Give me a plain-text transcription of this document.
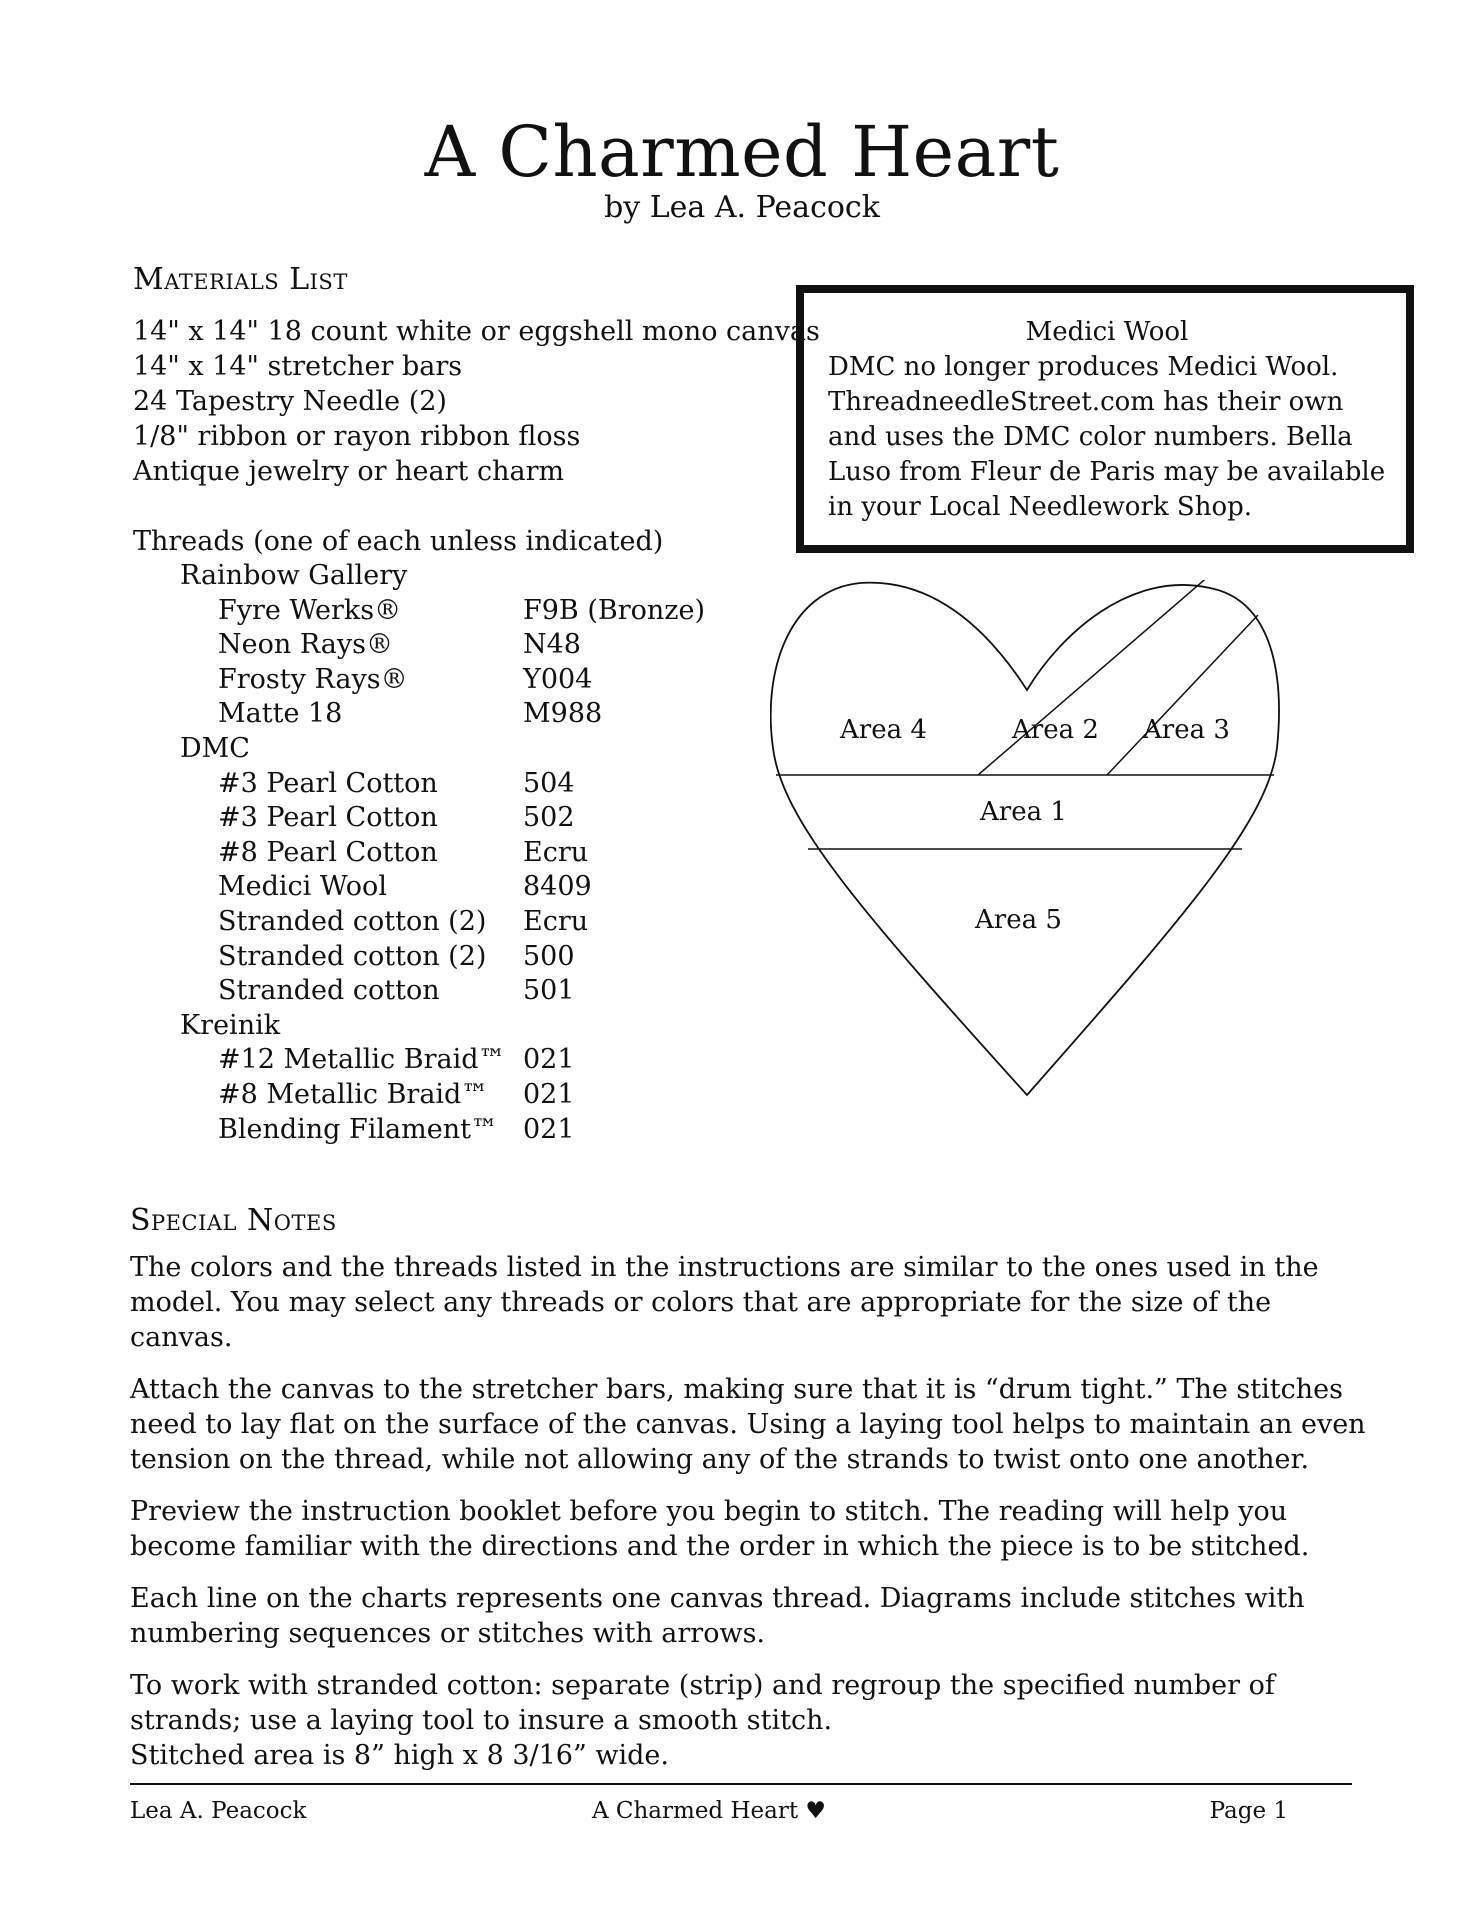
A Charmed Heart
by Lea A. Peacock
Materials List
14" x 14" 18 count white or eggshell mono canvas
14" x 14" stretcher bars
24 Tapestry Needle (2)
1/8" ribbon or rayon ribbon floss
Antique jewelry or heart charm
Medici Wool

DMC no longer produces Medici Wool. ThreadneedleStreet.com has their own and uses the DMC color numbers. Bella Luso from Fleur de Paris may be available in your Local Needlework Shop.

Threads (one of each unless indicated)
Rainbow Gallery
Fyre Werks®	F9B (Bronze)
Neon Rays®	N48
Frosty Rays®	Y004
Matte 18	M988
DMC
#3 Pearl Cotton	504
#3 Pearl Cotton	502
#8 Pearl Cotton	Ecru
Medici Wool	8409
Stranded cotton (2) Ecru
Stranded cotton (2) 500
Stranded cotton	501
Kreinik
#12 Metallic Braid™ 021
#8 Metallic Braid™ 021
Blending Filament™ 021
Area 4	Area 2 Area 3
Area 1
Area 5
Special Notes

The colors and the threads listed in the instructions are similar to the ones used in the model. You may select any threads or colors that are appropriate for the size of the canvas.

Attach the canvas to the stretcher bars, making sure that it is “drum tight.” The stitches need to lay flat on the surface of the canvas. Using a laying tool helps to maintain an even tension on the thread, while not allowing any of the strands to twist onto one another.

Preview the instruction booklet before you begin to stitch. The reading will help you become familiar with the directions and the order in which the piece is to be stitched.

Each line on the charts represents one canvas thread. Diagrams include stitches with numbering sequences or stitches with arrows.

To work with stranded cotton: separate (strip) and regroup the specified number of strands; use a laying tool to insure a smooth stitch.

Stitched area is 8” high x 8 3/16” wide.
Lea A. Peacock	A Charmed Heart ♥	Page 1
